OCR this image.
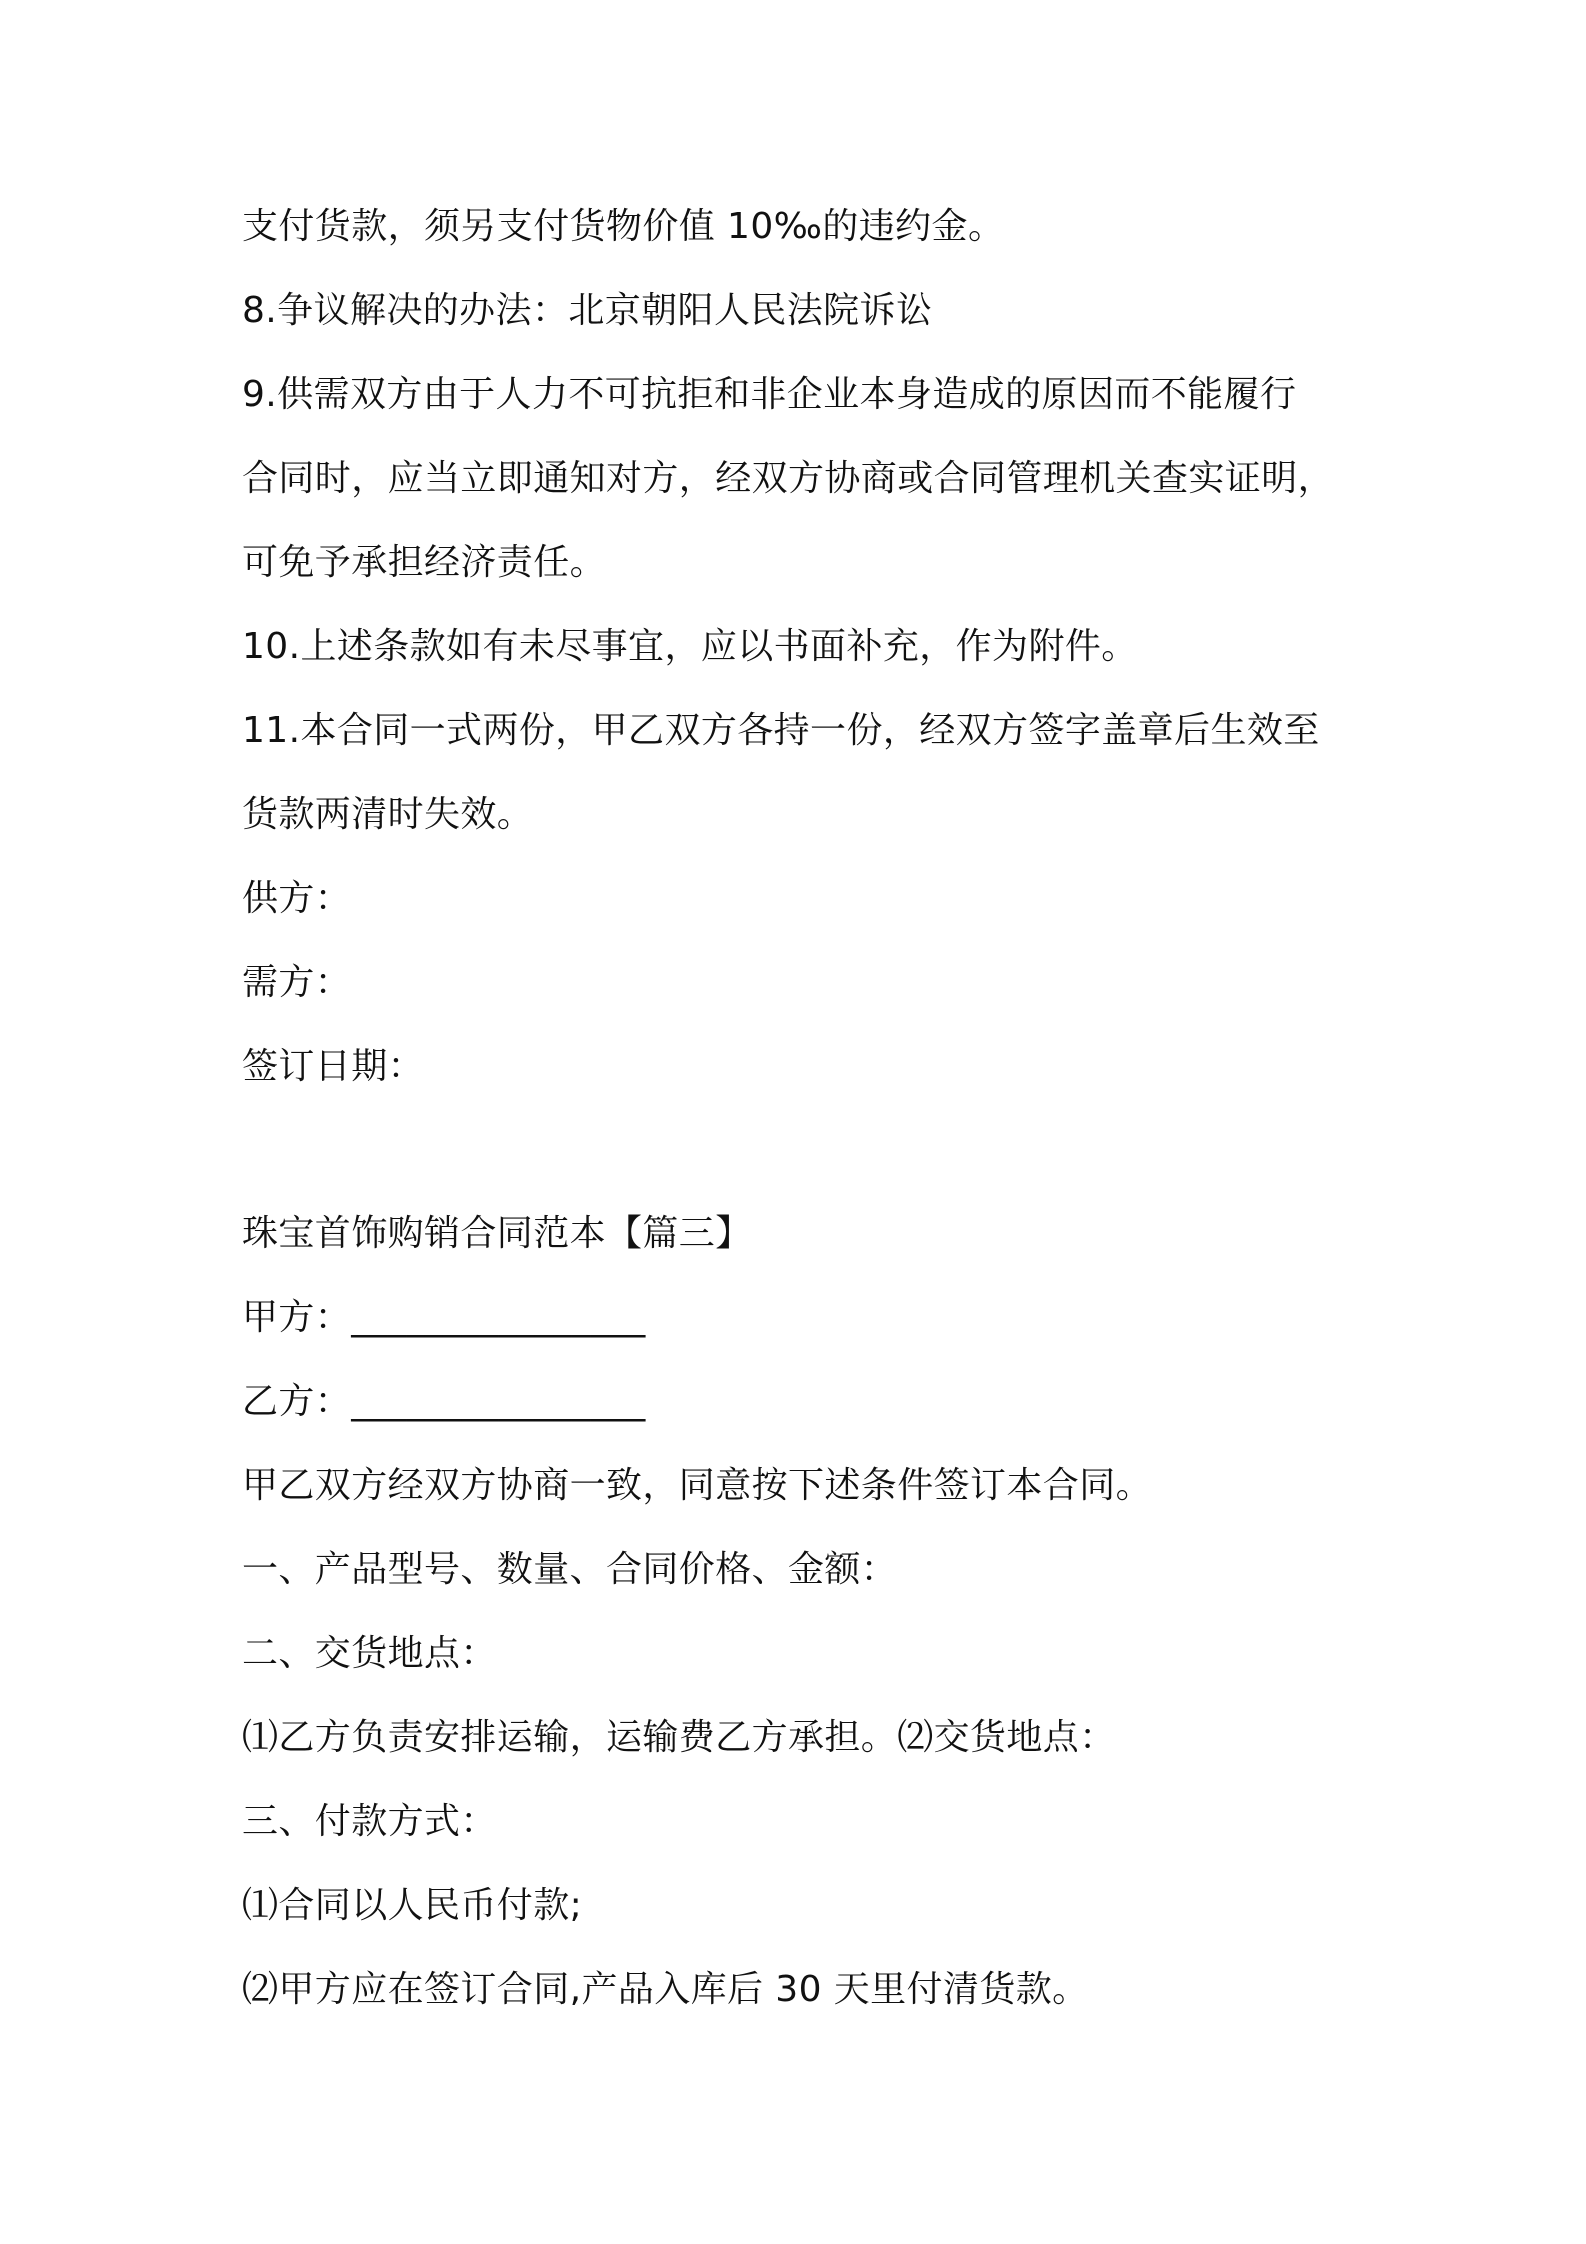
支付货款，须另支付货物价值 10‰的违约金。
8.争议解决的办法：北京朝阳人民法院诉讼
9.供需双方由于人力不可抗拒和非企业本身造成的原因而不能履行
合同时，应当立即通知对方，经双方协商或合同管理机关查实证明，
可免予承担经济责任。
10.上述条款如有未尽事宜，应以书面补充，作为附件。
11.本合同一式两份，甲乙双方各持一份，经双方签字盖章后生效至
货款两清时失效。
供方：
需方：
签订日期：
珠宝首饰购销合同范本【篇三】
甲方：________________
乙方：________________
甲乙双方经双方协商一致，同意按下述条件签订本合同。
一、产品型号、数量、合同价格、金额：
二、交货地点：
⑴乙方负责安排运输，运输费乙方承担。⑵交货地点：
三、付款方式：
⑴合同以人民币付款;
⑵甲方应在签订合同,产品入库后 30 天里付清货款。
